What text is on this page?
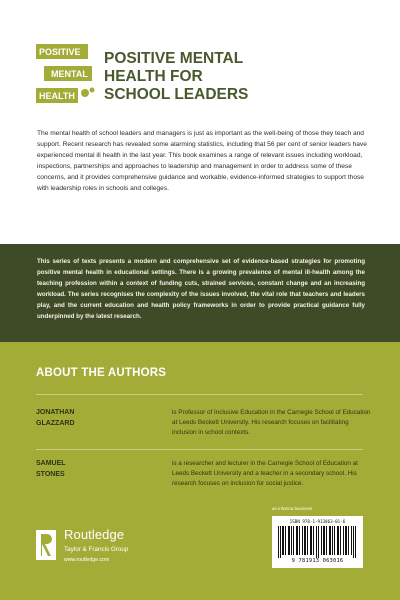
POSITIVE
MENTAL
HEALTH
POSITIVE MENTAL
HEALTH FOR
SCHOOL LEADERS
The mental health of school leaders and managers is just as important as the well-being of those they teach and support. Recent research has revealed some alarming statistics, including that 56 per cent of senior leaders have experienced mental ill health in the last year. This book examines a range of relevant issues including workload, inspections, partnerships and approaches to leadership and management in order to address some of these concerns, and it provides comprehensive guidance and workable, evidence-informed strategies to support those with leadership roles in schools and colleges.
This series of texts presents a modern and comprehensive set of evidence-based strategies for promoting positive mental health in educational settings. There is a growing prevalence of mental ill-health among the teaching profession within a context of funding cuts, strained services, constant change and an increasing workload. The series recognises the complexity of the issues involved, the vital role that teachers and leaders play, and the current education and health policy frameworks in order to provide practical guidance fully underpinned by the latest research.
ABOUT THE AUTHORS
JONATHAN
GLAZZARD
is Professor of Inclusive Education in the Carnegie School of Education at Leeds Beckett University. His research focuses on facilitating inclusion in school contexts.
SAMUEL
STONES
is a researcher and lecturer in the Carnegie School of Education at Leeds Beckett University and a teacher in a secondary school. His research focuses on inclusion for social justice.
an informa business
ISBN 978-1-913063-01-6
9 781913 063016
Routledge
Taylor & Francis Group
www.routledge.com
